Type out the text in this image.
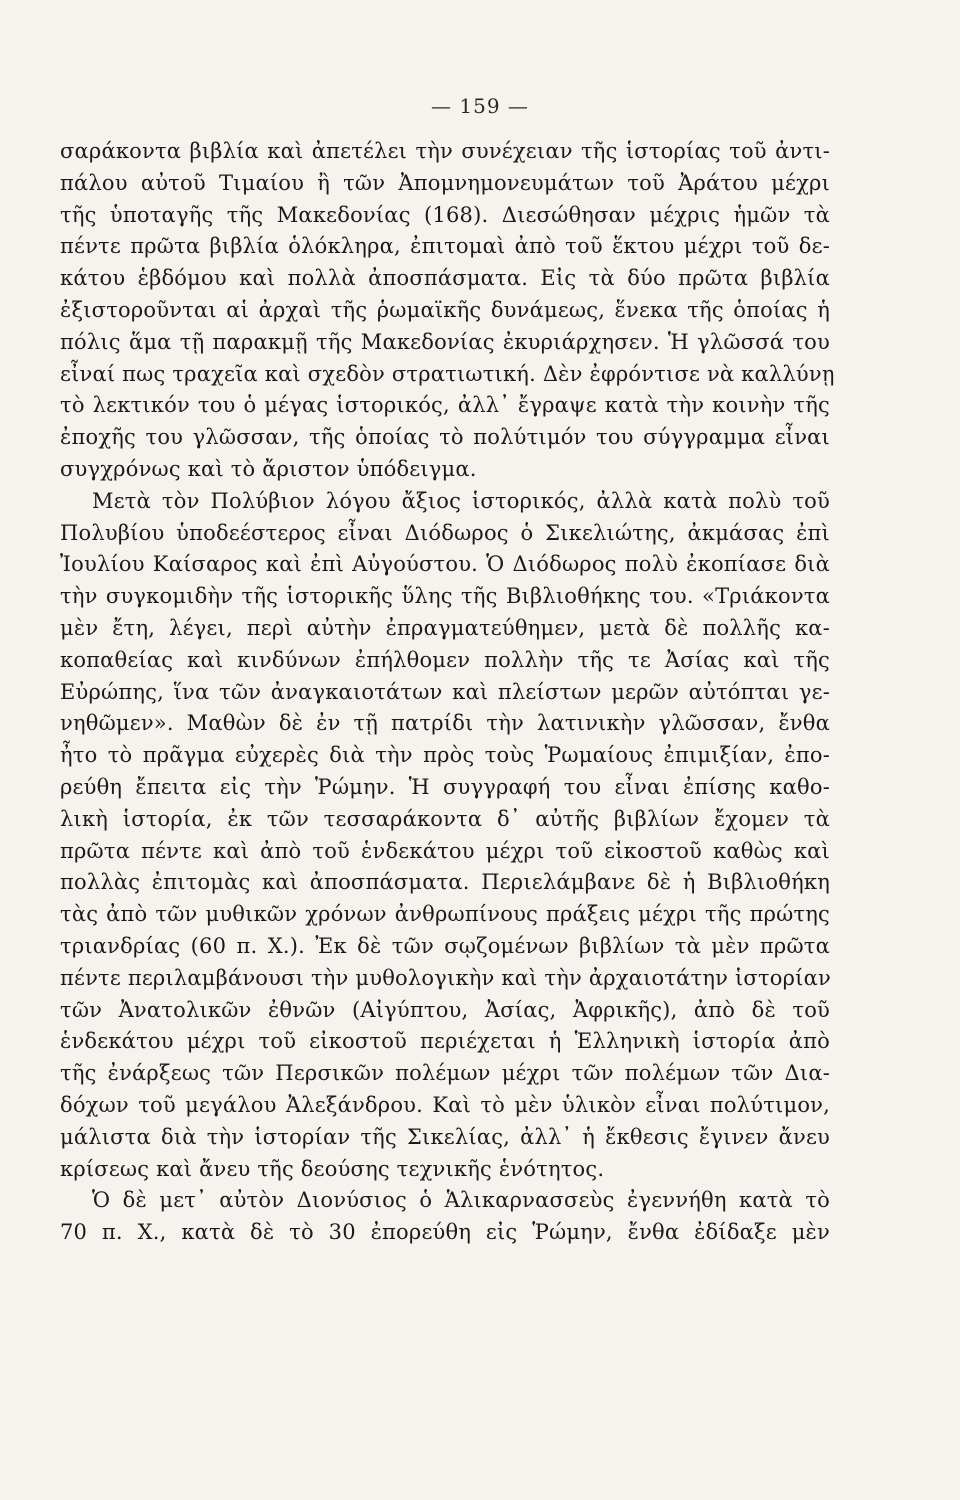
— 159 —
σαράκοντα βιβλία καὶ ἀπετέλει τὴν συνέχειαν τῆς ἱστορίας τοῦ ἀντι-
πάλου αὐτοῦ Τιμαίου ἢ τῶν Ἀπομνημονευμάτων τοῦ Ἀράτου μέχρι
τῆς ὑποταγῆς τῆς Μακεδονίας (168). Διεσώθησαν μέχρις ἡμῶν τὰ
πέντε πρῶτα βιβλία ὁλόκληρα, ἐπιτομαὶ ἀπὸ τοῦ ἕκτου μέχρι τοῦ δε-
κάτου ἑβδόμου καὶ πολλὰ ἀποσπάσματα. Εἰς τὰ δύο πρῶτα βιβλία
ἐξιστοροῦνται αἱ ἀρχαὶ τῆς ῥωμαϊκῆς δυνάμεως, ἕνεκα τῆς ὁποίας ἡ
πόλις ἅμα τῇ παρακμῇ τῆς Μακεδονίας ἐκυριάρχησεν. Ἡ γλῶσσά του
εἶναί πως τραχεῖα καὶ σχεδὸν στρατιωτική. Δὲν ἐφρόντισε νὰ καλλύνῃ
τὸ λεκτικόν του ὁ μέγας ἱστορικός, ἀλλ᾽ ἔγραψε κατὰ τὴν κοινὴν τῆς
ἐποχῆς του γλῶσσαν, τῆς ὁποίας τὸ πολύτιμόν του σύγγραμμα εἶναι
συγχρόνως καὶ τὸ ἄριστον ὑπόδειγμα.
Μετὰ τὸν Πολύβιον λόγου ἄξιος ἱστορικός, ἀλλὰ κατὰ πολὺ τοῦ
Πολυβίου ὑποδεέστερος εἶναι Διόδωρος ὁ Σικελιώτης, ἀκμάσας ἐπὶ
Ἰουλίου Καίσαρος καὶ ἐπὶ Αὐγούστου. Ὁ Διόδωρος πολὺ ἐκοπίασε διὰ
τὴν συγκομιδὴν τῆς ἱστορικῆς ὕλης τῆς Βιβλιοθήκης του. «Τριάκοντα
μὲν ἔτη, λέγει, περὶ αὐτὴν ἐπραγματεύθημεν, μετὰ δὲ πολλῆς κα-
κοπαθείας καὶ κινδύνων ἐπήλθομεν πολλὴν τῆς τε Ἀσίας καὶ τῆς
Εὐρώπης, ἵνα τῶν ἀναγκαιοτάτων καὶ πλείστων μερῶν αὐτόπται γε-
νηθῶμεν». Μαθὼν δὲ ἐν τῇ πατρίδι τὴν λατινικὴν γλῶσσαν, ἔνθα
ἦτο τὸ πρᾶγμα εὐχερὲς διὰ τὴν πρὸς τοὺς Ῥωμαίους ἐπιμιξίαν, ἐπο-
ρεύθη ἔπειτα εἰς τὴν Ῥώμην. Ἡ συγγραφή του εἶναι ἐπίσης καθο-
λικὴ ἱστορία, ἐκ τῶν τεσσαράκοντα δ᾽ αὐτῆς βιβλίων ἔχομεν τὰ
πρῶτα πέντε καὶ ἀπὸ τοῦ ἑνδεκάτου μέχρι τοῦ εἰκοστοῦ καθὼς καὶ
πολλὰς ἐπιτομὰς καὶ ἀποσπάσματα. Περιελάμβανε δὲ ἡ Βιβλιοθήκη
τὰς ἀπὸ τῶν μυθικῶν χρόνων ἀνθρωπίνους πράξεις μέχρι τῆς πρώτης
τριανδρίας (60 π. Χ.). Ἐκ δὲ τῶν σῳζομένων βιβλίων τὰ μὲν πρῶτα
πέντε περιλαμβάνουσι τὴν μυθολογικὴν καὶ τὴν ἀρχαιοτάτην ἱστορίαν
τῶν Ἀνατολικῶν ἐθνῶν (Αἰγύπτου, Ἀσίας, Ἀφρικῆς), ἀπὸ δὲ τοῦ
ἑνδεκάτου μέχρι τοῦ εἰκοστοῦ περιέχεται ἡ Ἑλληνικὴ ἱστορία ἀπὸ
τῆς ἐνάρξεως τῶν Περσικῶν πολέμων μέχρι τῶν πολέμων τῶν Δια-
δόχων τοῦ μεγάλου Ἀλεξάνδρου. Καὶ τὸ μὲν ὑλικὸν εἶναι πολύτιμον,
μάλιστα διὰ τὴν ἱστορίαν τῆς Σικελίας, ἀλλ᾽ ἡ ἔκθεσις ἔγινεν ἄνευ
κρίσεως καὶ ἄνευ τῆς δεούσης τεχνικῆς ἑνότητος.
Ὁ δὲ μετ᾽ αὐτὸν Διονύσιος ὁ Ἁλικαρνασσεὺς ἐγεννήθη κατὰ τὸ
70 π. Χ., κατὰ δὲ τὸ 30 ἐπορεύθη εἰς Ῥώμην, ἔνθα ἐδίδαξε μὲν
